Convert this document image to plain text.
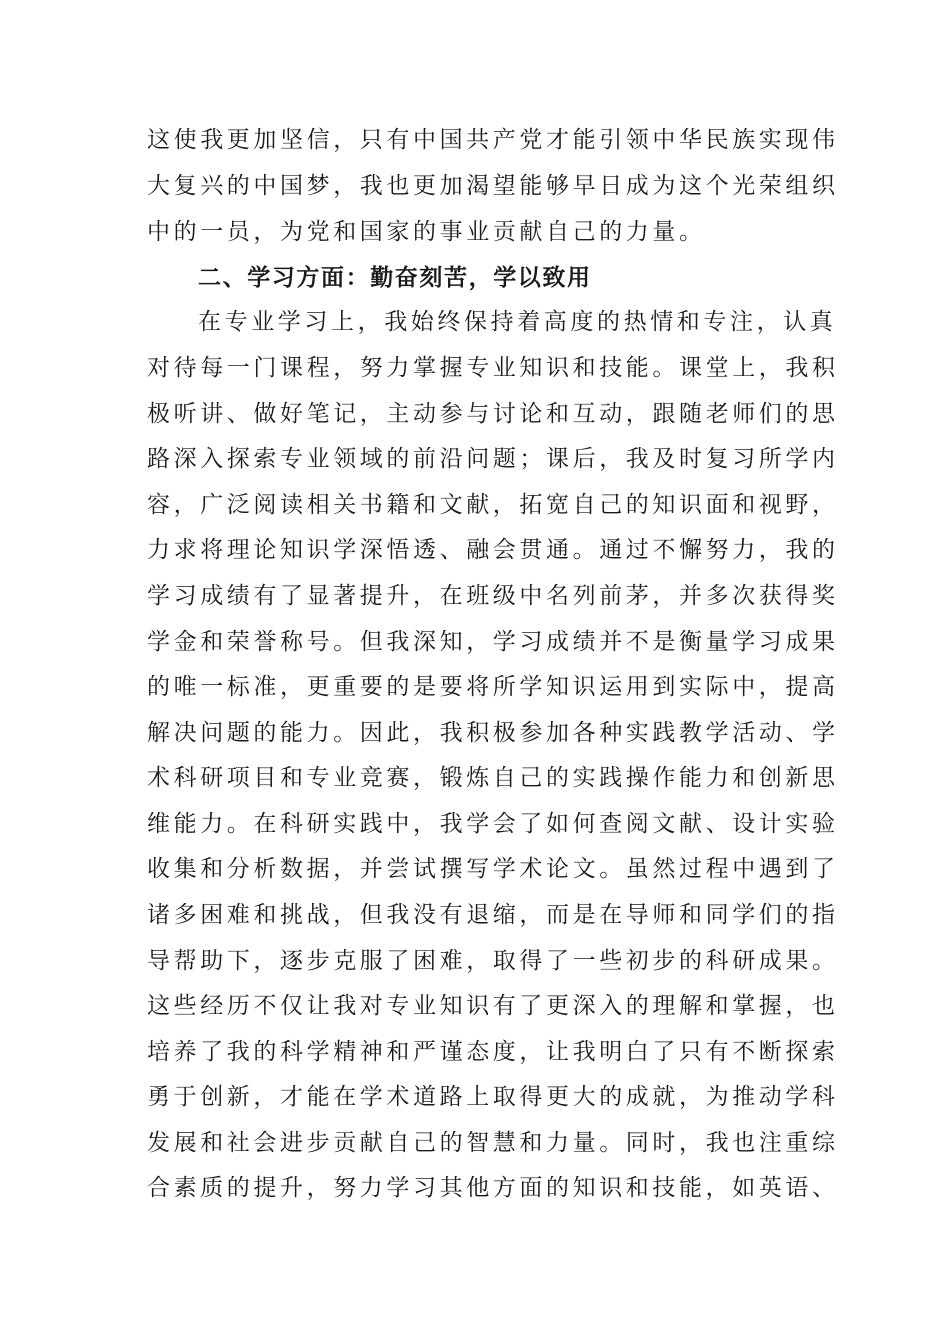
这使我更加坚信，只有中国共产党才能引领中华民族实现伟
大复兴的中国梦，我也更加渴望能够早日成为这个光荣组织
中的一员，为党和国家的事业贡献自己的力量。
二、学习方面：勤奋刻苦，学以致用
在专业学习上，我始终保持着高度的热情和专注，认真
对待每一门课程，努力掌握专业知识和技能。课堂上，我积
极听讲、做好笔记，主动参与讨论和互动，跟随老师们的思
路深入探索专业领域的前沿问题；课后，我及时复习所学内
容，广泛阅读相关书籍和文献，拓宽自己的知识面和视野，
力求将理论知识学深悟透、融会贯通。通过不懈努力，我的
学习成绩有了显著提升，在班级中名列前茅，并多次获得奖
学金和荣誉称号。但我深知，学习成绩并不是衡量学习成果
的唯一标准，更重要的是要将所学知识运用到实际中，提高
解决问题的能力。因此，我积极参加各种实践教学活动、学
术科研项目和专业竞赛，锻炼自己的实践操作能力和创新思
维能力。在科研实践中，我学会了如何查阅文献、设计实验
收集和分析数据，并尝试撰写学术论文。虽然过程中遇到了
诸多困难和挑战，但我没有退缩，而是在导师和同学们的指
导帮助下，逐步克服了困难，取得了一些初步的科研成果。
这些经历不仅让我对专业知识有了更深入的理解和掌握，也
培养了我的科学精神和严谨态度，让我明白了只有不断探索
勇于创新，才能在学术道路上取得更大的成就，为推动学科
发展和社会进步贡献自己的智慧和力量。同时，我也注重综
合素质的提升，努力学习其他方面的知识和技能，如英语、
